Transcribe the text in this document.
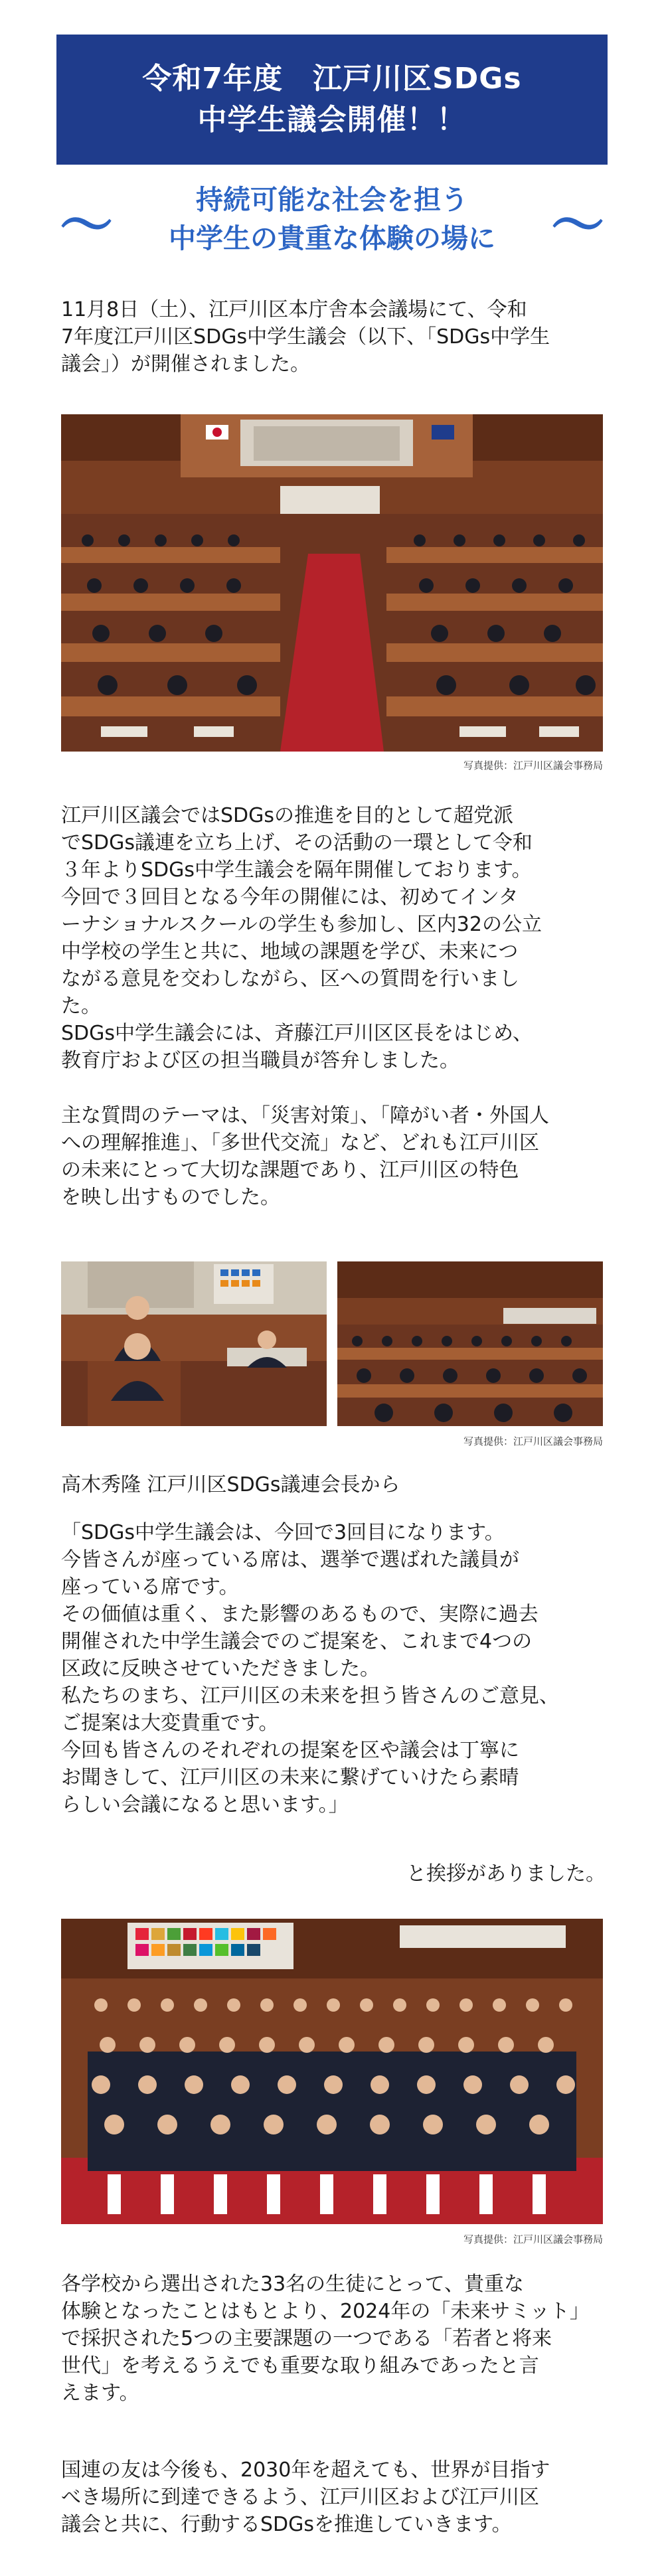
令和7年度　江戸川区SDGs
中学生議会開催！！
〜	持続可能な社会を担う
中学生の貴重な体験の場に	〜

11月8日（土）、江戸川区本庁舎本会議場にて、令和
7年度江戸川区SDGs中学生議会（以下、「SDGs中学生
議会」）が開催されました。

写真提供：江戸川区議会事務局

江戸川区議会ではSDGsの推進を目的として超党派
でSDGs議連を立ち上げ、その活動の一環として令和
３年よりSDGs中学生議会を隔年開催しております。
今回で３回目となる今年の開催には、初めてインタ
ーナショナルスクールの学生も参加し、区内32の公立
中学校の学生と共に、地域の課題を学び、未来につ
ながる意見を交わしながら、区への質問を行いまし
た。
SDGs中学生議会には、斉藤江戸川区区長をはじめ、
教育庁および区の担当職員が答弁しました。

主な質問のテーマは、「災害対策」、「障がい者・外国人
への理解推進」、「多世代交流」など、どれも江戸川区
の未来にとって大切な課題であり、江戸川区の特色
を映し出すものでした。

写真提供：江戸川区議会事務局

高木秀隆 江戸川区SDGs議連会長から

「SDGs中学生議会は、今回で3回目になります。
今皆さんが座っている席は、選挙で選ばれた議員が
座っている席です。
その価値は重く、また影響のあるもので、実際に過去
開催された中学生議会でのご提案を、これまで4つの
区政に反映させていただきました。
私たちのまち、江戸川区の未来を担う皆さんのご意見、
ご提案は大変貴重です。
今回も皆さんのそれぞれの提案を区や議会は丁寧に
お聞きして、江戸川区の未来に繋げていけたら素晴
らしい会議になると思います。」

と挨拶がありました。
写真提供：江戸川区議会事務局

各学校から選出された33名の生徒にとって、貴重な
体験となったことはもとより、2024年の「未来サミット」
で採択された5つの主要課題の一つである「若者と将来
世代」を考えるうえでも重要な取り組みであったと言
えます。

国連の友は今後も、2030年を超えても、世界が目指す
べき場所に到達できるよう、江戸川区および江戸川区
議会と共に、行動するSDGsを推進していきます。
